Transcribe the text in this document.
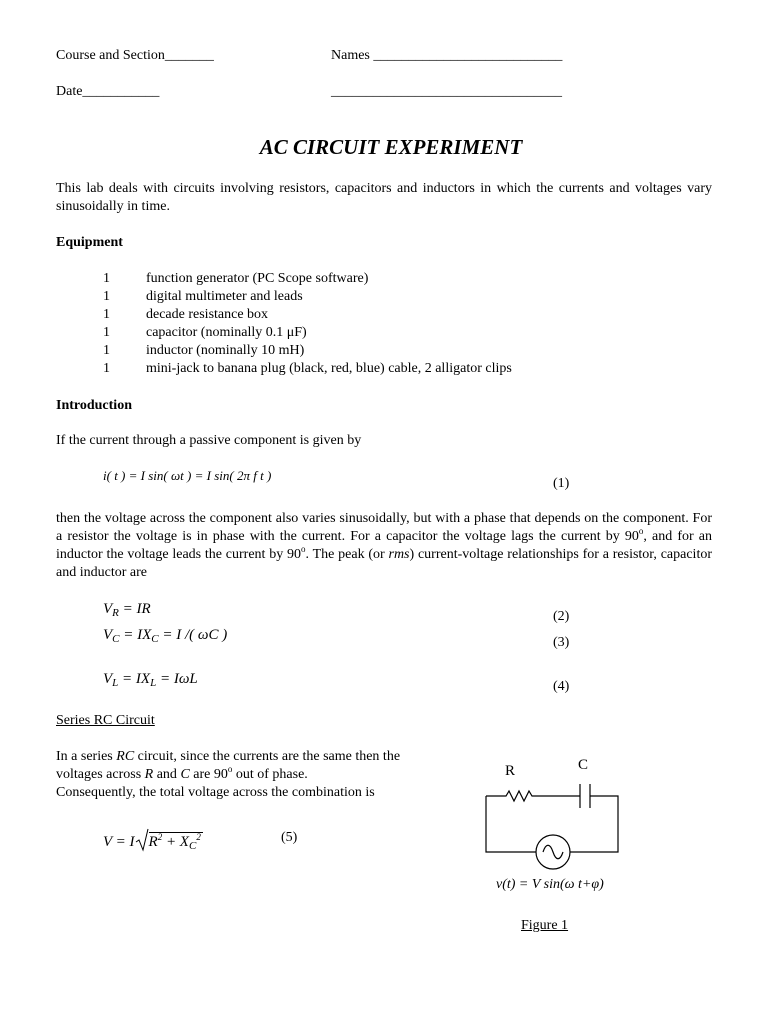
Course and Section_______	Names ___________________________
Date___________	_________________________________
AC CIRCUIT EXPERIMENT
This lab deals with circuits involving resistors, capacitors and inductors in which the currents and voltages vary sinusoidally in time.
Equipment
1	function generator (PC Scope software)
1	digital multimeter and leads
1	decade resistance box
1	capacitor (nominally 0.1 μF)
1	inductor (nominally 10 mH)
1	mini-jack to banana plug (black, red, blue) cable, 2 alligator clips
Introduction
If the current through a passive component is given by
i( t ) = I sin( ωt ) = I sin( 2π f t )
(1)
then the voltage across the component also varies sinusoidally, but with a phase that depends on the component. For a resistor the voltage is in phase with the current. For a capacitor the voltage lags the current by 90$^o$, and for an inductor the voltage leads the current by 90$^o$. The peak (or rms) current-voltage relationships for a resistor, capacitor and inductor are
$V_R$ = IR	(2)
$V_C = IX_C = I$ /( ωC )	(3)
$V_L = IX_L = I\omega L$	(4)
Series RC Circuit
In a series RC circuit, since the currents are the same then the
voltages across R and C are 90$^o$ out of phase.
Consequently, the total voltage across the combination is
V = I $R^2 + X_C^2$	(5)
R	C
v(t) = V sin(ω t+φ)
Figure 1
